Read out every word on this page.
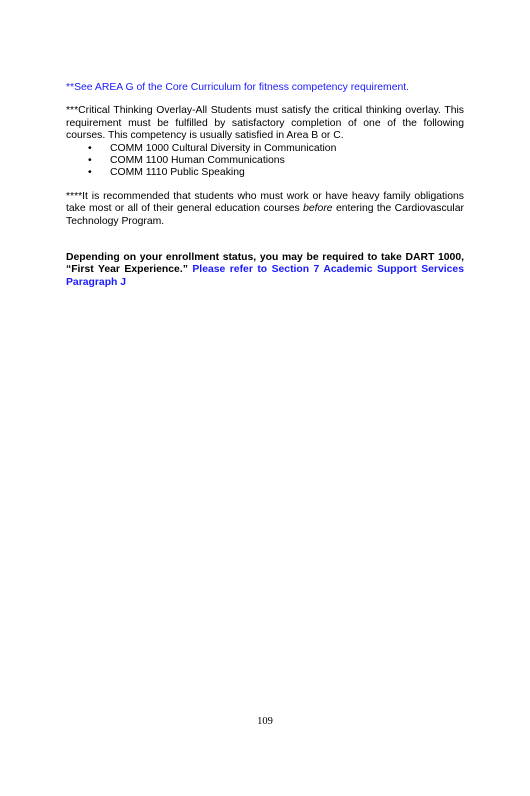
**See AREA G of the Core Curriculum for fitness competency requirement.

***Critical Thinking Overlay-All Students must satisfy the critical thinking overlay. This requirement must be fulfilled by satisfactory completion of one of the following courses. This competency is usually satisfied in Area B or C.

• COMM 1000 Cultural Diversity in Communication
• COMM 1100 Human Communications
• COMM 1110 Public Speaking

****It is recommended that students who must work or have heavy family obligations take most or all of their general education courses before entering the Cardiovascular Technology Program.

Depending on your enrollment status, you may be required to take DART 1000, “First Year Experience.” Please refer to Section 7 Academic Support Services Paragraph J

109
